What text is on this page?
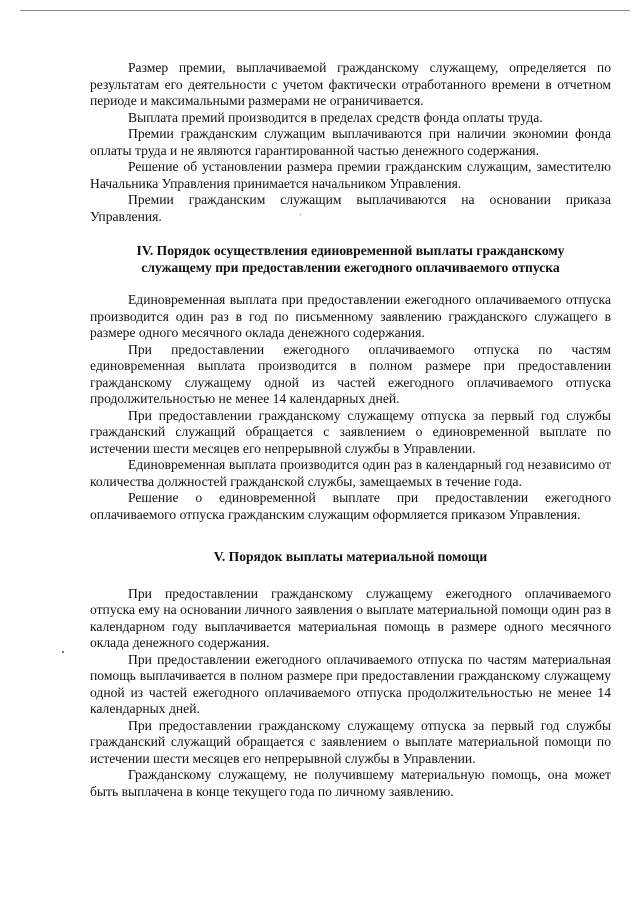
Размер премии, выплачиваемой гражданскому служащему, определяется по результатам его деятельности с учетом фактически отработанного времени в отчетном периоде и максимальными размерами не ограничивается.

Выплата премий производится в пределах средств фонда оплаты труда.

Премии гражданским служащим выплачиваются при наличии экономии фонда оплаты труда и не являются гарантированной частью денежного содержания.

Решение об установлении размера премии гражданским служащим, заместителю Начальника Управления принимается начальником Управления.

Премии гражданским служащим выплачиваются на основании приказа Управления.

IV. Порядок осуществления единовременной выплаты гражданскому служащему при предоставлении ежегодного оплачиваемого отпуска

Единовременная выплата при предоставлении ежегодного оплачиваемого отпуска производится один раз в год по письменному заявлению гражданского служащего в размере одного месячного оклада денежного содержания.

При предоставлении ежегодного оплачиваемого отпуска по частям единовременная выплата производится в полном размере при предоставлении гражданскому служащему одной из частей ежегодного оплачиваемого отпуска продолжительностью не менее 14 календарных дней.

При предоставлении гражданскому служащему отпуска за первый год службы гражданский служащий обращается с заявлением о единовременной выплате по истечении шести месяцев его непрерывной службы в Управлении.

Единовременная выплата производится один раз в календарный год независимо от количества должностей гражданской службы, замещаемых в течение года.

Решение о единовременной выплате при предоставлении ежегодного оплачиваемого отпуска гражданским служащим оформляется приказом Управления.

V. Порядок выплаты материальной помощи

При предоставлении гражданскому служащему ежегодного оплачиваемого отпуска ему на основании личного заявления о выплате материальной помощи один раз в календарном году выплачивается материальная помощь в размере одного месячного оклада денежного содержания.

При предоставлении ежегодного оплачиваемого отпуска по частям материальная помощь выплачивается в полном размере при предоставлении гражданскому служащему одной из частей ежегодного оплачиваемого отпуска продолжительностью не менее 14 календарных дней.

При предоставлении гражданскому служащему отпуска за первый год службы гражданский служащий обращается с заявлением о выплате материальной помощи по истечении шести месяцев его непрерывной службы в Управлении.

Гражданскому служащему, не получившему материальную помощь, она может быть выплачена в конце текущего года по личному заявлению.
